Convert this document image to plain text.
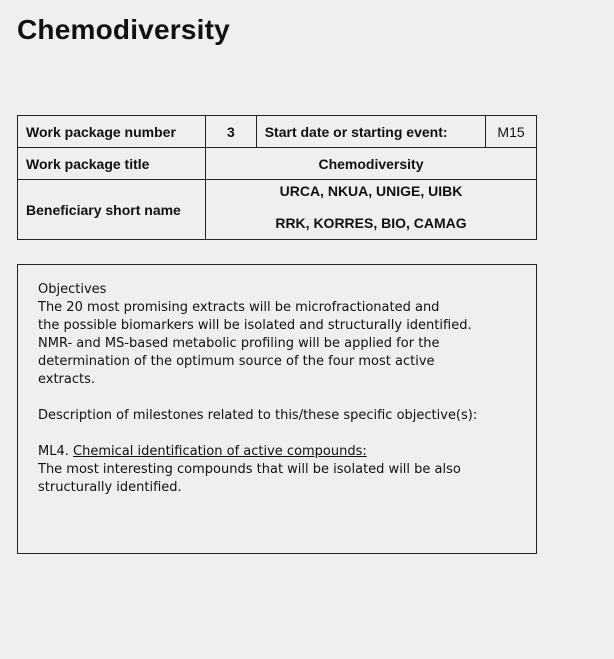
Chemodiversity
Work package number	3	Start date or starting event:	M15
Work package title	Chemodiversity		
Beneficiary short name	URCA, NKUA, UNIGE, UIBK
RRK, KORRES, BIO, CAMAG		
Objectives
The 20 most promising extracts will be microfractionated and
the possible biomarkers will be isolated and structurally identified.
NMR- and MS-based metabolic profiling will be applied for the
determination of the optimum source of the four most active
extracts.
Description of milestones related to this/these specific objective(s):
ML4. Chemical identification of active compounds:
The most interesting compounds that will be isolated will be also
structurally identified.
